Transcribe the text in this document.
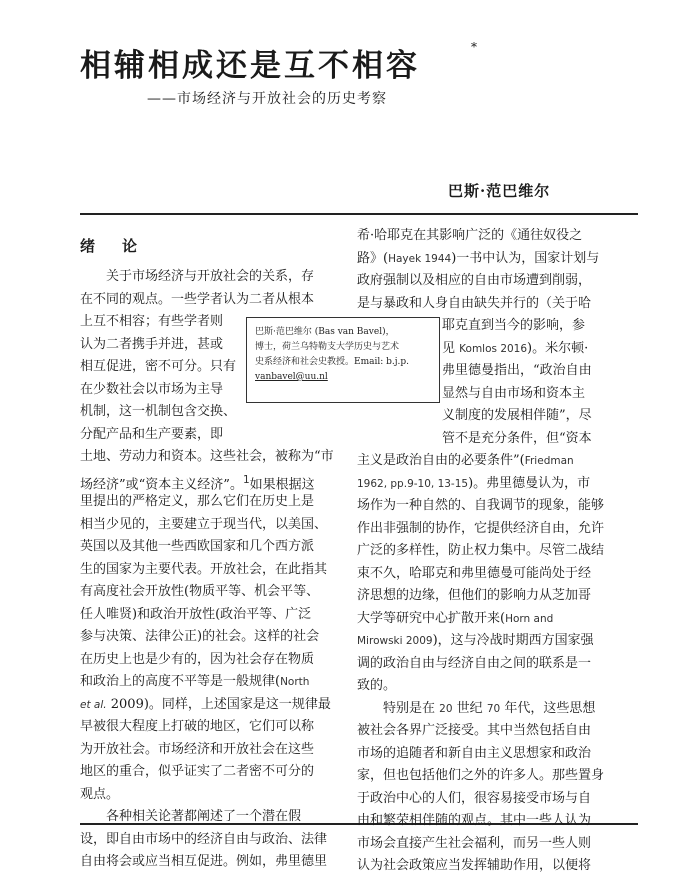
相辅相成还是互不相容
*
——市场经济与开放社会的历史考察
巴斯·范巴维尔
绪　论
　　关于市场经济与开放社会的关系，存
在不同的观点。一些学者认为二者从根本
上互不相容；有些学者则
认为二者携手并进，甚或
相互促进，密不可分。只有
在少数社会以市场为主导
机制，这一机制包含交换、
分配产品和生产要素，即
土地、劳动力和资本。这些社会，被称为“市
场经济”或“资本主义经济”。$^1$如果根据这
里提出的严格定义，那么它们在历史上是
相当少见的，主要建立于现当代，以美国、
英国以及其他一些西欧国家和几个西方派
生的国家为主要代表。开放社会，在此指其
有高度社会开放性(物质平等、机会平等、
任人唯贤)和政治开放性(政治平等、广泛
参与决策、法律公正)的社会。这样的社会
在历史上也是少有的，因为社会存在物质
和政治上的高度不平等是一般规律(North
et al. 2009)。同样，上述国家是这一规律最
早被很大程度上打破的地区，它们可以称
为开放社会。市场经济和开放社会在这些
地区的重合，似乎证实了二者密不可分的
观点。
　　各种相关论著都阐述了一个潜在假
设，即自由市场中的经济自由与政治、法律
自由将会或应当相互促进。例如，弗里德里
希·哈耶克在其影响广泛的《通往奴役之
路》(Hayek 1944)一书中认为，国家计划与
政府强制以及相应的自由市场遭到削弱，
是与暴政和人身自由缺失并行的（关于哈
耶克直到当今的影响，参
见 Komlos 2016)。米尔顿·
弗里德曼指出，“政治自由
显然与自由市场和资本主
义制度的发展相伴随”，尽
管不是充分条件，但“资本
主义是政治自由的必要条件”(Friedman
1962, pp.9-10, 13-15)。弗里德曼认为，市
场作为一种自然的、自我调节的现象，能够
作出非强制的协作，它提供经济自由，允许
广泛的多样性，防止权力集中。尽管二战结
束不久，哈耶克和弗里德曼可能尚处于经
济思想的边缘，但他们的影响力从芝加哥
大学等研究中心扩散开来(Horn and
Mirowski 2009)，这与冷战时期西方国家强
调的政治自由与经济自由之间的联系是一
致的。
　　特别是在 20 世纪 70 年代，这些思想
被社会各界广泛接受。其中当然包括自由
市场的追随者和新自由主义思想家和政治
家，但也包括他们之外的许多人。那些置身
于政治中心的人们，很容易接受市场与自
由和繁荣相伴随的观点。其中一些人认为
市场会直接产生社会福利，而另一些人则
认为社会政策应当发挥辅助作用，以便将
巴斯·范巴维尔 (Bas van Bavel)，
博士，荷兰乌特勒支大学历史与艺术
史系经济和社会史教授。Email: b.j.p.
vanbavel@uu.nl
